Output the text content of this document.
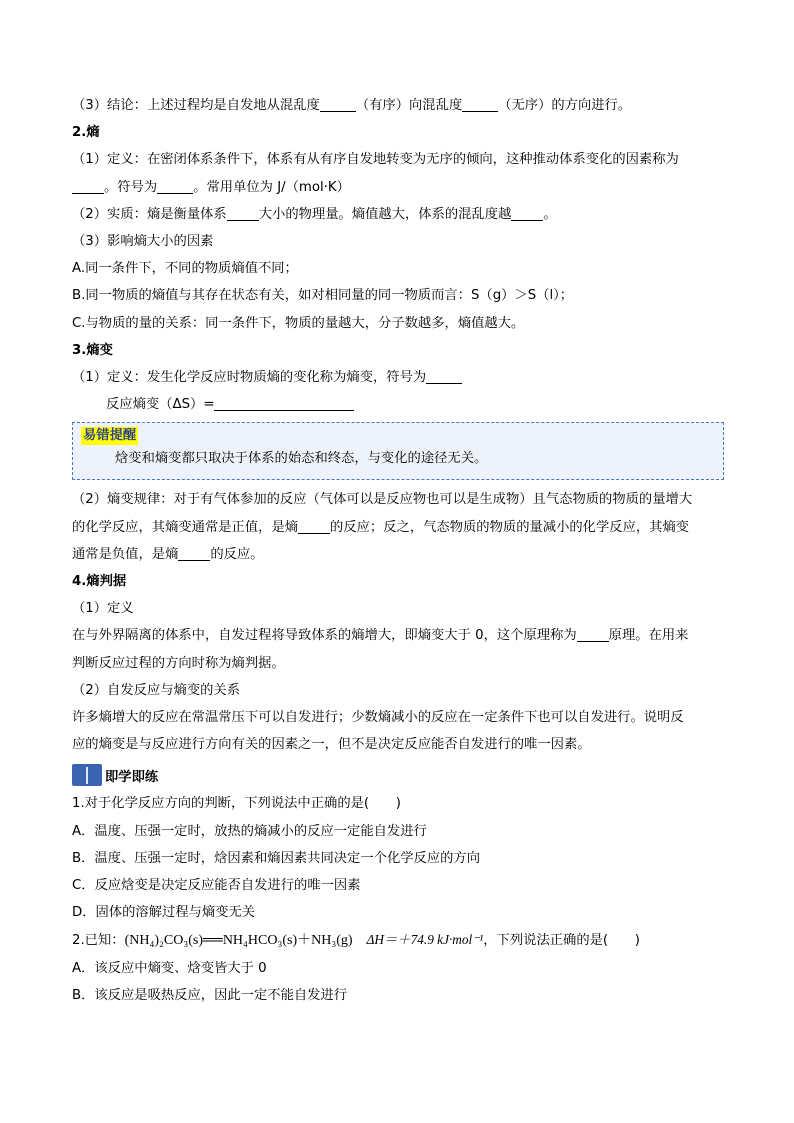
（3）结论：上述过程均是自发地从混乱度	（有序）向混乱度	（无序）的方向进行。
2.熵
（1）定义：在密闭体系条件下，体系有从有序自发地转变为无序的倾向，这种推动体系变化的因素称为
。符号为	。常用单位为 J/（mol·K）
（2）实质：熵是衡量体系 大小的物理量。熵值越大，体系的混乱度越 。
（3）影响熵大小的因素
A.同一条件下，不同的物质熵值不同；
B.同一物质的熵值与其存在状态有关，如对相同量的同一物质而言：S（g）＞S（l）；
C.与物质的量的关系：同一条件下，物质的量越大，分子数越多，熵值越大。
3.熵变
（1）定义：发生化学反应时物质熵的变化称为熵变，符号为
反应熵变（ΔS）=
易错提醒
焓变和熵变都只取决于体系的始态和终态，与变化的途径无关。
（2）熵变规律：对于有气体参加的反应（气体可以是反应物也可以是生成物）且气态物质的物质的量增大
的化学反应，其熵变通常是正值，是熵 的反应；反之，气态物质的物质的量减小的化学反应，其熵变
通常是负值，是熵 的反应。
4.熵判据
（1）定义
在与外界隔离的体系中，自发过程将导致体系的熵增大，即熵变大于 0，这个原理称为 原理。在用来
判断反应过程的方向时称为熵判据。
（2）自发反应与熵变的关系
许多熵增大的反应在常温常压下可以自发进行；少数熵减小的反应在一定条件下也可以自发进行。说明反
应的熵变是与反应进行方向有关的因素之一，但不是决定反应能否自发进行的唯一因素。
即学即练
1.对于化学反应方向的判断，下列说法中正确的是(　　)
A．温度、压强一定时，放热的熵减小的反应一定能自发进行
B．温度、压强一定时，焓因素和熵因素共同决定一个化学反应的方向
C．反应焓变是决定反应能否自发进行的唯一因素
D．固体的溶解过程与熵变无关
2.已知：(NH₄)₂CO₃(s)══NH₄HCO₃(s)＋NH₃(g)　ΔH＝＋74.9 kJ·mol⁻¹，下列说法正确的是(　　)
A．该反应中熵变、焓变皆大于 0
B．该反应是吸热反应，因此一定不能自发进行
